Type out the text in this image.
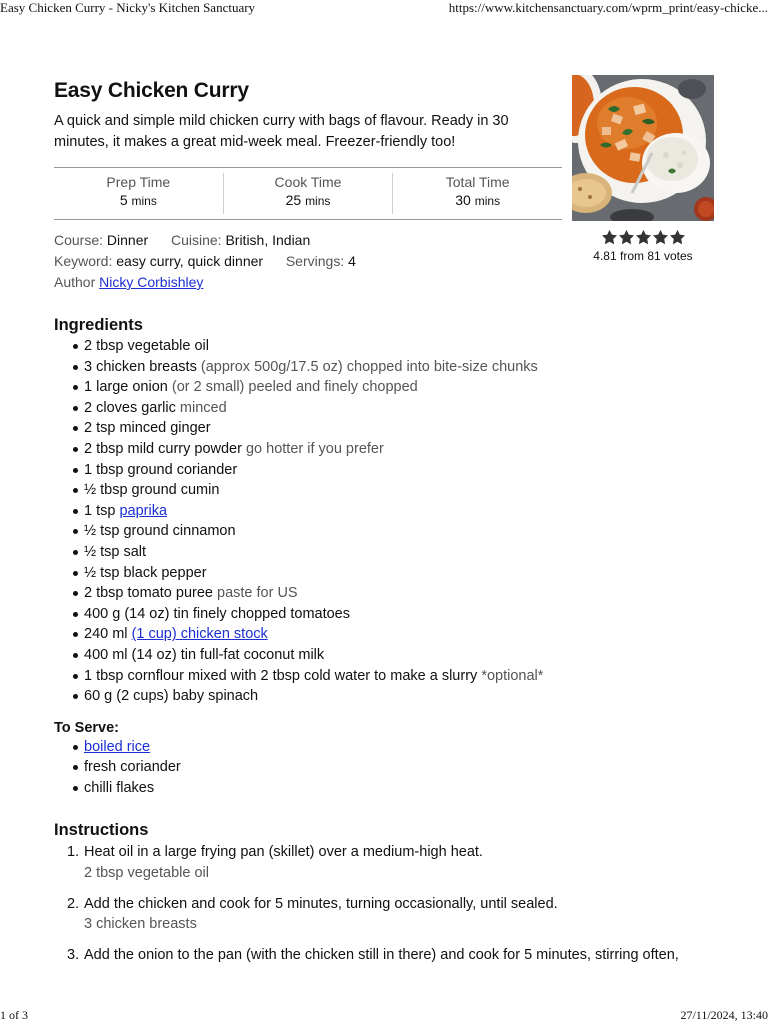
Easy Chicken Curry - Nicky's Kitchen Sanctuary	https://www.kitchensanctuary.com/wprm_print/easy-chicke...
4.81 from 81 votes
Easy Chicken Curry

A quick and simple mild chicken curry with bags of flavour. Ready in 30 minutes, it makes a great mid-week meal. Freezer-friendly too!

Prep Time
5 mins
Cook Time
25 mins
Total Time
30 mins
Course: Dinner Cuisine: British, Indian
Keyword: easy curry, quick dinner Servings: 4
Author Nicky Corbishley
Ingredients
2 tbsp vegetable oil
3 chicken breasts (approx 500g/17.5 oz) chopped into bite-size chunks
1 large onion (or 2 small) peeled and finely chopped
2 cloves garlic minced
2 tsp minced ginger
2 tbsp mild curry powder go hotter if you prefer
1 tbsp ground coriander
½ tbsp ground cumin
1 tsp paprika
½ tsp ground cinnamon
½ tsp salt
½ tsp black pepper
2 tbsp tomato puree paste for US
400 g (14 oz) tin finely chopped tomatoes
240 ml (1 cup) chicken stock
400 ml (14 oz) tin full-fat coconut milk
1 tbsp cornflour mixed with 2 tbsp cold water to make a slurry *optional*
60 g (2 cups) baby spinach
To Serve:
boiled rice
fresh coriander
chilli flakes
Instructions
1. Heat oil in a large frying pan (skillet) over a medium-high heat.
2 tbsp vegetable oil
2. Add the chicken and cook for 5 minutes, turning occasionally, until sealed.
3 chicken breasts
3. Add the onion to the pan (with the chicken still in there) and cook for 5 minutes, stirring often,
1 of 3	27/11/2024, 13:40
